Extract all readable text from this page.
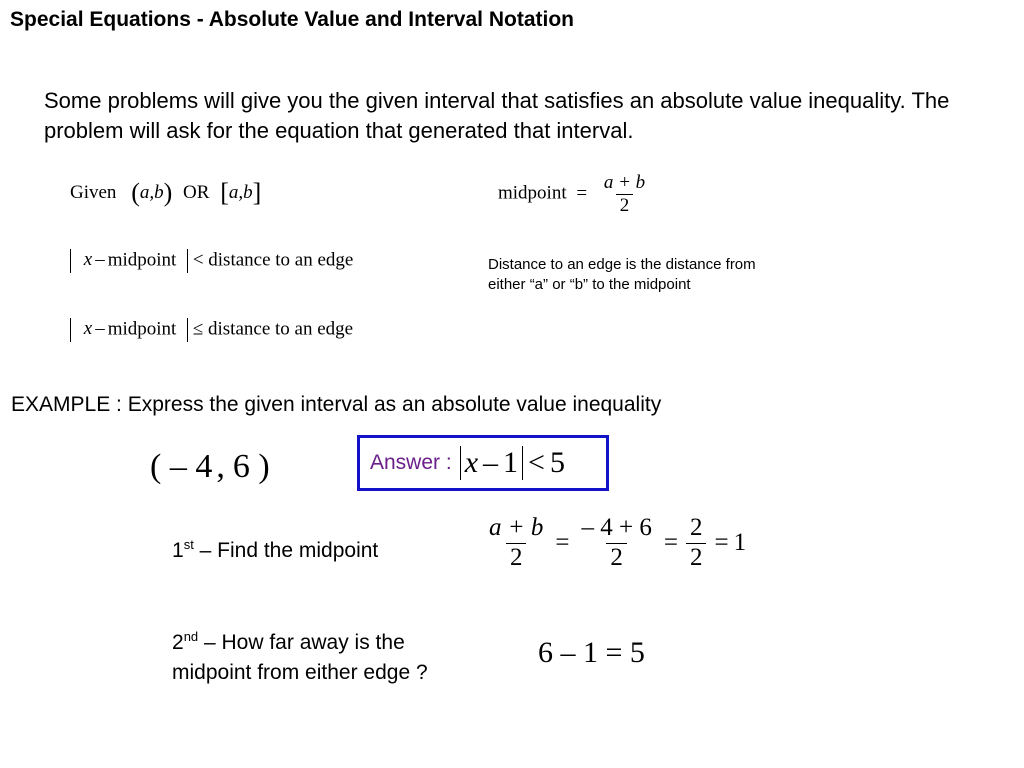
Special Equations - Absolute Value and Interval Notation
Some problems will give you the given interval that satisfies an absolute value inequality. The problem will ask for the equation that generated that interval.
Given (a,b) OR [a,b]	midpoint = $\frac{a + b}{2}$
x – midpoint < distance to an edge
x – midpoint ≤ distance to an edge
Distance to an edge is the distance from
either “a” or “b” to the midpoint
EXAMPLE : Express the given interval as an absolute value inequality
( – 4 , 6 )	Answer : x – 1 < 5
1st – Find the midpoint	$\frac{a + b}{2} = \frac{- 4 + 6}{2} = \frac{2}{2} = 1$
2nd – How far away is the
midpoint from either edge ?
6 – 1 = 5
